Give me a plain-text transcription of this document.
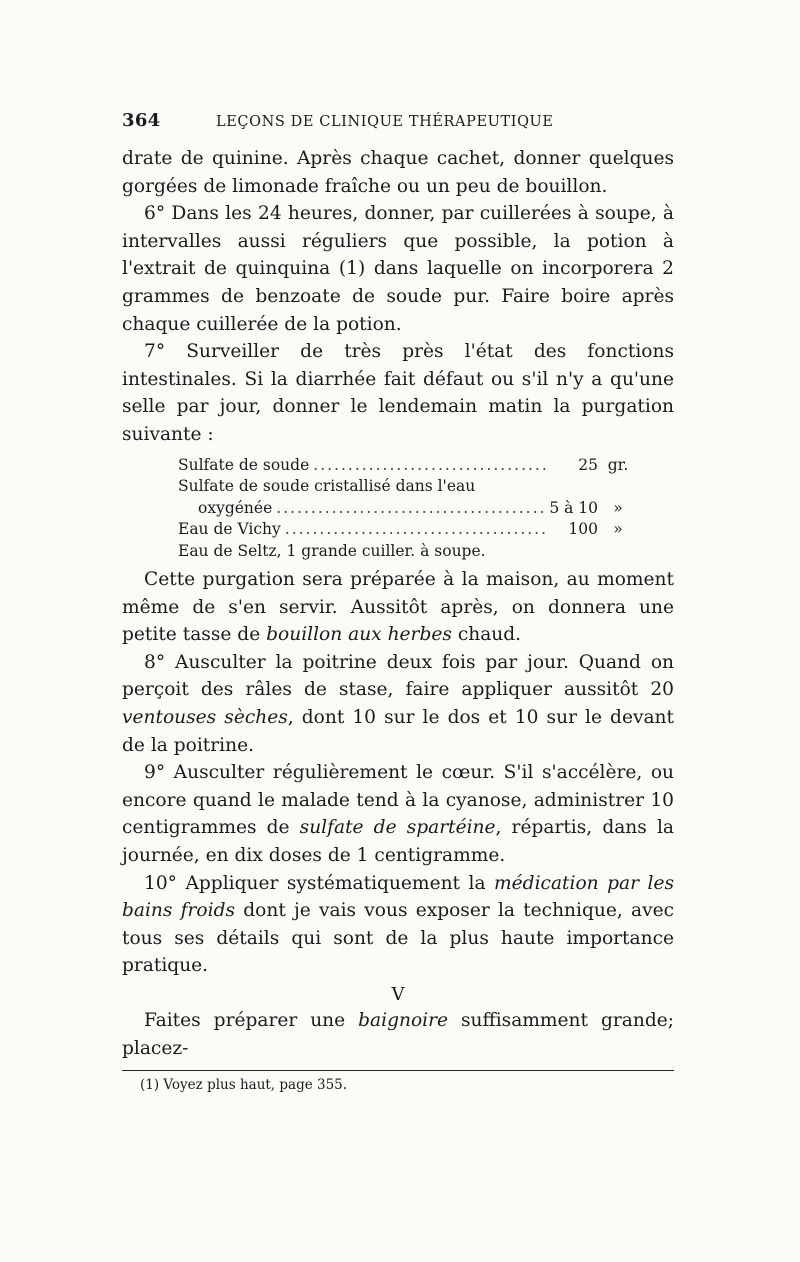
364	LEÇONS DE CLINIQUE THÉRAPEUTIQUE

drate de quinine. Après chaque cachet, donner quelques gorgées de limonade fraîche ou un peu de bouillon.

6° Dans les 24 heures, donner, par cuillerées à soupe, à intervalles aussi réguliers que possible, la potion à l'extrait de quinquina (1) dans laquelle on incorporera 2 grammes de benzoate de soude pur. Faire boire après chaque cuillerée de la potion.

7° Surveiller de très près l'état des fonctions intestinales. Si la diarrhée fait défaut ou s'il n'y a qu'une selle par jour, donner le lendemain matin la purgation suivante :

Sulfate de soude .....	25 gr.
Sulfate de soude cristallisé dans l'eau
oxygénée .....	5 à 10 »
Eau de Vichy .....	100 »
Eau de Seltz, 1 grande cuiller. à soupe.

Cette purgation sera préparée à la maison, au moment même de s'en servir. Aussitôt après, on donnera une petite tasse de bouillon aux herbes chaud.

8° Ausculter la poitrine deux fois par jour. Quand on perçoit des râles de stase, faire appliquer aussitôt 20 ventouses sèches, dont 10 sur le dos et 10 sur le devant de la poitrine.

9° Ausculter régulièrement le cœur. S'il s'accélère, ou encore quand le malade tend à la cyanose, administrer 10 centigrammes de sulfate de spartéine, répartis, dans la journée, en dix doses de 1 centigramme.

10° Appliquer systématiquement la médication par les bains froids dont je vais vous exposer la technique, avec tous ses détails qui sont de la plus haute importance pratique.

V

Faites préparer une baignoire suffisamment grande; placez-

(1) Voyez plus haut, page 355.
